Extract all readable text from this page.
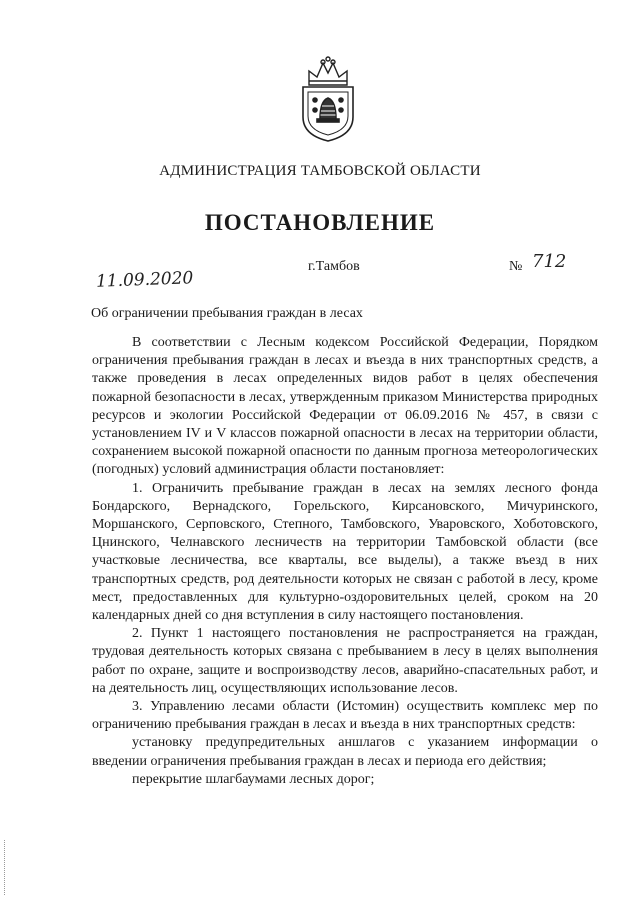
АДМИНИСТРАЦИЯ ТАМБОВСКОЙ ОБЛАСТИ
ПОСТАНОВЛЕНИЕ
11.09.2020
г.Тамбов	№ 712
Об ограничении пребывания граждан в лесах

В соответствии с Лесным кодексом Российской Федерации, Порядком ограничения пребывания граждан в лесах и въезда в них транспортных средств, а также проведения в лесах определенных видов работ в целях обеспечения пожарной безопасности в лесах, утвержденным приказом Министерства природных ресурсов и экологии Российской Федерации от 06.09.2016 № 457, в связи с установлением IV и V классов пожарной опасности в лесах на территории области, сохранением высокой пожарной опасности по данным прогноза метеорологических (погодных) условий администрация области постановляет:

1. Ограничить пребывание граждан в лесах на землях лесного фонда Бондарского, Вернадского, Горельского, Кирсановского, Мичуринского, Моршанского, Серповского, Степного, Тамбовского, Уваровского, Хоботовского, Цнинского, Челнавского лесничеств на территории Тамбовской области (все участковые лесничества, все кварталы, все выделы), а также въезд в них транспортных средств, род деятельности которых не связан с работой в лесу, кроме мест, предоставленных для культурно-оздоровительных целей, сроком на 20 календарных дней со дня вступления в силу настоящего постановления.

2. Пункт 1 настоящего постановления не распространяется на граждан, трудовая деятельность которых связана с пребыванием в лесу в целях выполнения работ по охране, защите и воспроизводству лесов, аварийно-спасательных работ, и на деятельность лиц, осуществляющих использование лесов.

3. Управлению лесами области (Истомин) осуществить комплекс мер по ограничению пребывания граждан в лесах и въезда в них транспортных средств:

установку предупредительных аншлагов с указанием информации о введении ограничения пребывания граждан в лесах и периода его действия;

перекрытие шлагбаумами лесных дорог;
